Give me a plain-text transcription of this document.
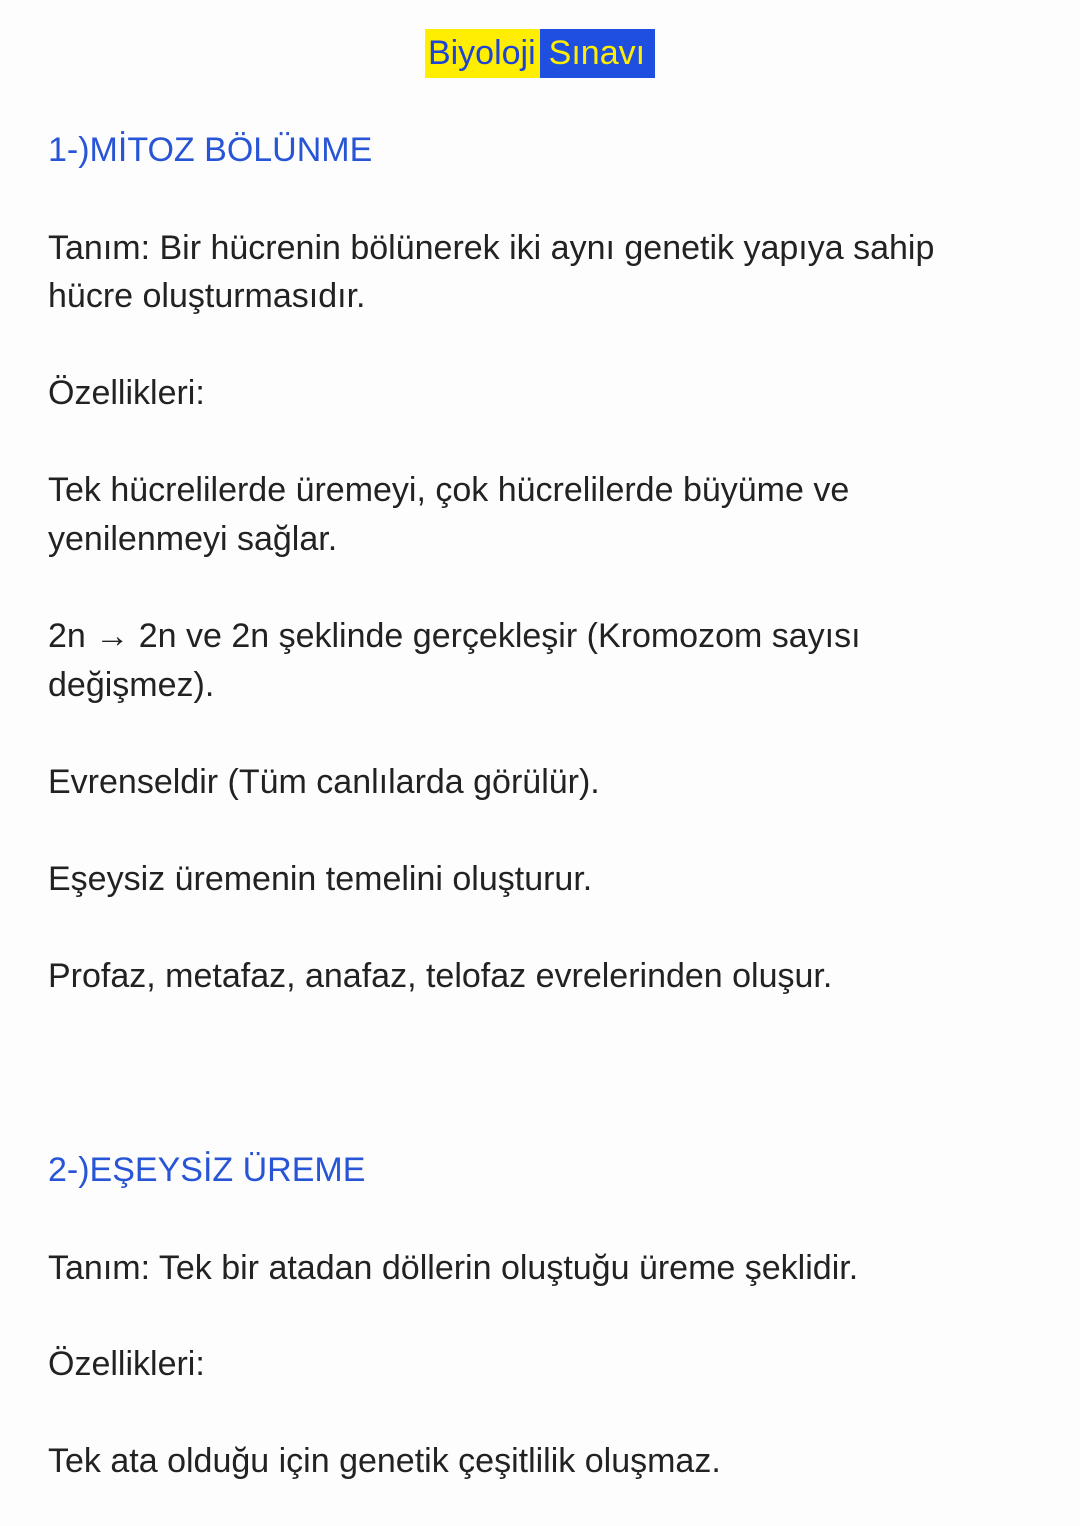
Biyoloji Sınavı
1-)MİTOZ BÖLÜNME
Tanım: Bir hücrenin bölünerek iki aynı genetik yapıya sahip
hücre oluşturmasıdır.
Özellikleri:
Tek hücrelilerde üremeyi, çok hücrelilerde büyüme ve
yenilenmeyi sağlar.
2n → 2n ve 2n şeklinde gerçekleşir (Kromozom sayısı
değişmez).
Evrenseldir (Tüm canlılarda görülür).
Eşeysiz üremenin temelini oluşturur.
Profaz, metafaz, anafaz, telofaz evrelerinden oluşur.
2-)EŞEYSİZ ÜREME
Tanım: Tek bir atadan döllerin oluştuğu üreme şeklidir.
Özellikleri:
Tek ata olduğu için genetik çeşitlilik oluşmaz.
